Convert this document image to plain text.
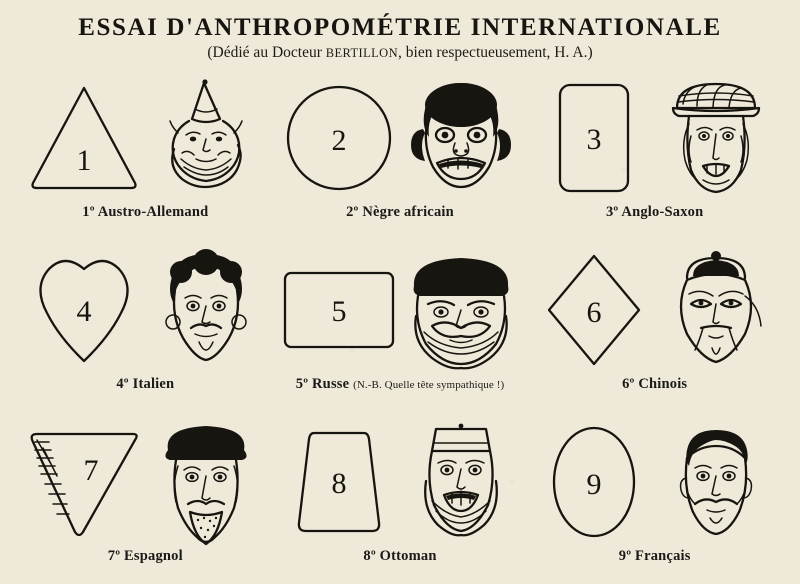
ESSAI D'ANTHROPOMÉTRIE INTERNATIONALE
(Dédié au Docteur BERTILLON, bien respectueusement, H. A.)
1
1º Austro-Allemand
2
2º Nègre africain
3
3º Anglo-Saxon
4
4º Italien
5
5º Russe (N.-B. Quelle tête sympathique !)
6
6º Chinois
7
7º Espagnol
8
8º Ottoman
9
9º Français
